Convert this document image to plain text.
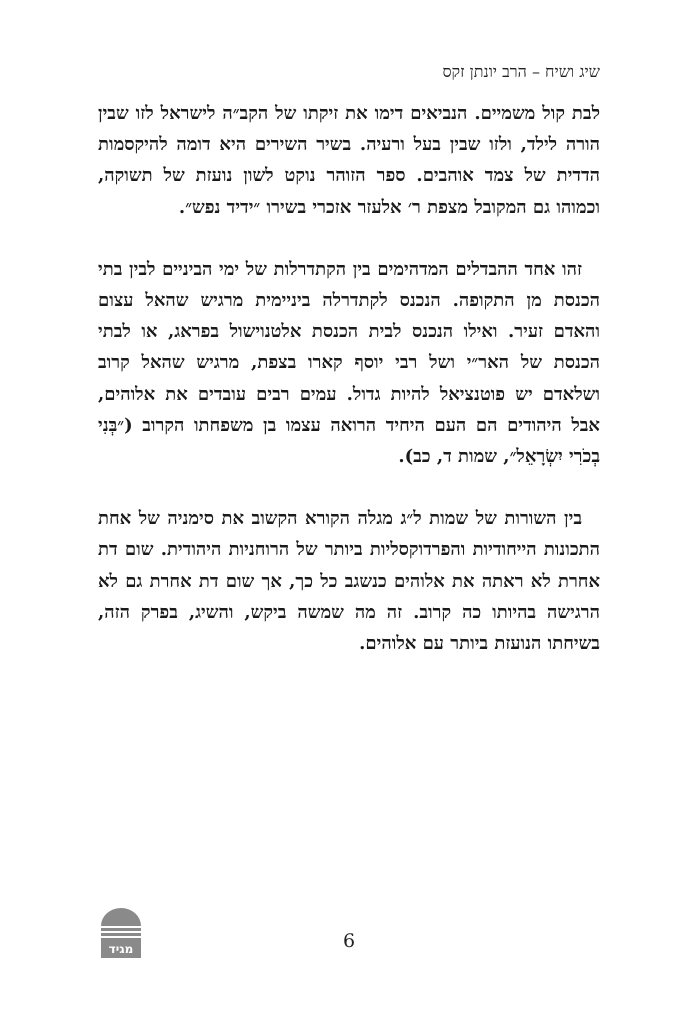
שיג ושיח – הרב יונתן זקס

לבת קול משמיים. הנביאים דימו את זיקתו של הקב״ה לישראל לזו שבין הורה לילד, ולזו שבין בעל ורעיה. בשיר השירים היא דומה להיקסמות הדדית של צמד אוהבים. ספר הזוהר נוקט לשון נועזת של תשוקה, וכמוהו גם המקובל מצפת ר׳ אלעזר אזכרי בשירו ״ידיד נפש״.

זהו אחד ההבדלים המדהימים בין הקתדרלות של ימי הביניים לבין בתי הכנסת מן התקופה. הנכנס לקתדרלה ביניימית מרגיש שהאל עצום והאדם זעיר. ואילו הנכנס לבית הכנסת אלטנוישול בפראג, או לבתי הכנסת של האר״י ושל רבי יוסף קארו בצפת, מרגיש שהאל קרוב ושלאדם יש פוטנציאל להיות גדול. עמים רבים עובדים את אלוהים, אבל היהודים הם העם היחיד הרואה עצמו בן משפחתו הקרוב (״בְּנִי בְכֹרִי יִשְׂרָאֵל״, שמות ד, כב).

בין השורות של שמות ל״ג מגלה הקורא הקשוב את סימניה של אחת התכונות הייחודיות והפרדוקסליות ביותר של הרוחניות היהודית. שום דת אחרת לא ראתה את אלוהים כנשגב כל כך, אך שום דת אחרת גם לא הרגישה בהיותו כה קרוב. זה מה שמשה ביקש, והשיג, בפרק הזה, בשיחתו הנועזת ביותר עם אלוהים.

6
מגיד
